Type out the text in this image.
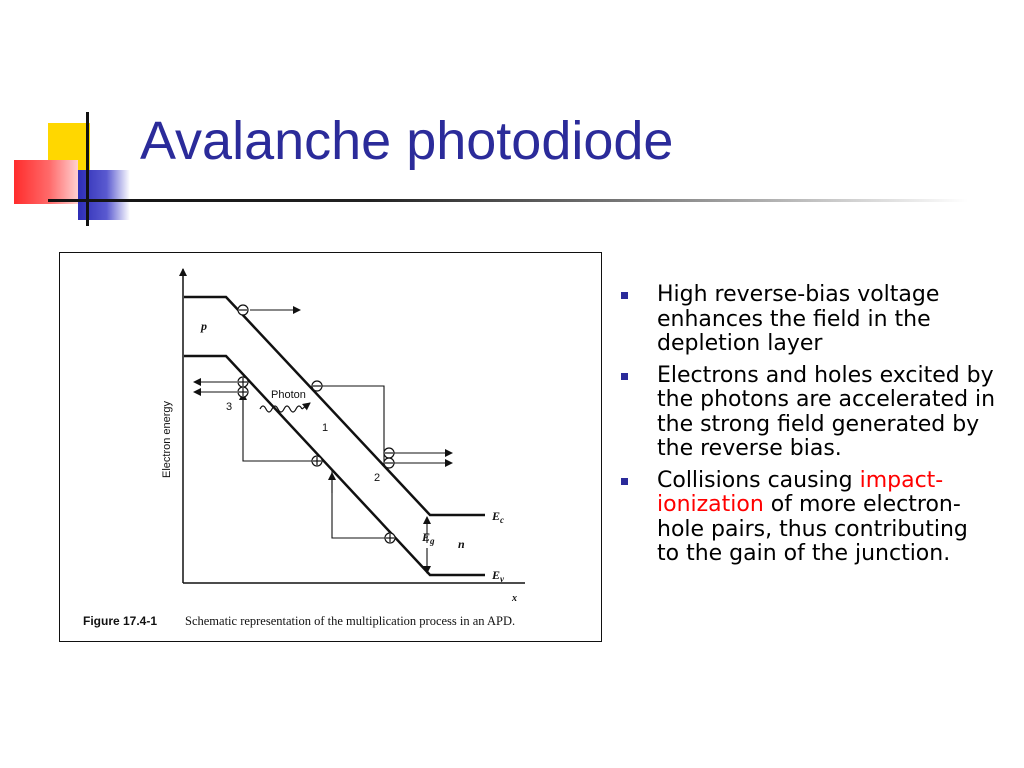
Avalanche photodiode
p
n
x
$E_c$
$E_v$
$E_g$
Photon
1
2
3
Electron energy
Figure 17.4-1 Schematic representation of the multiplication process in an APD.
High reverse-bias voltage enhances the field in the depletion layer
Electrons and holes excited by the photons are accelerated in the strong field generated by the reverse bias.
Collisions causing impact-ionization of more electron-hole pairs, thus contributing to the gain of the junction.
